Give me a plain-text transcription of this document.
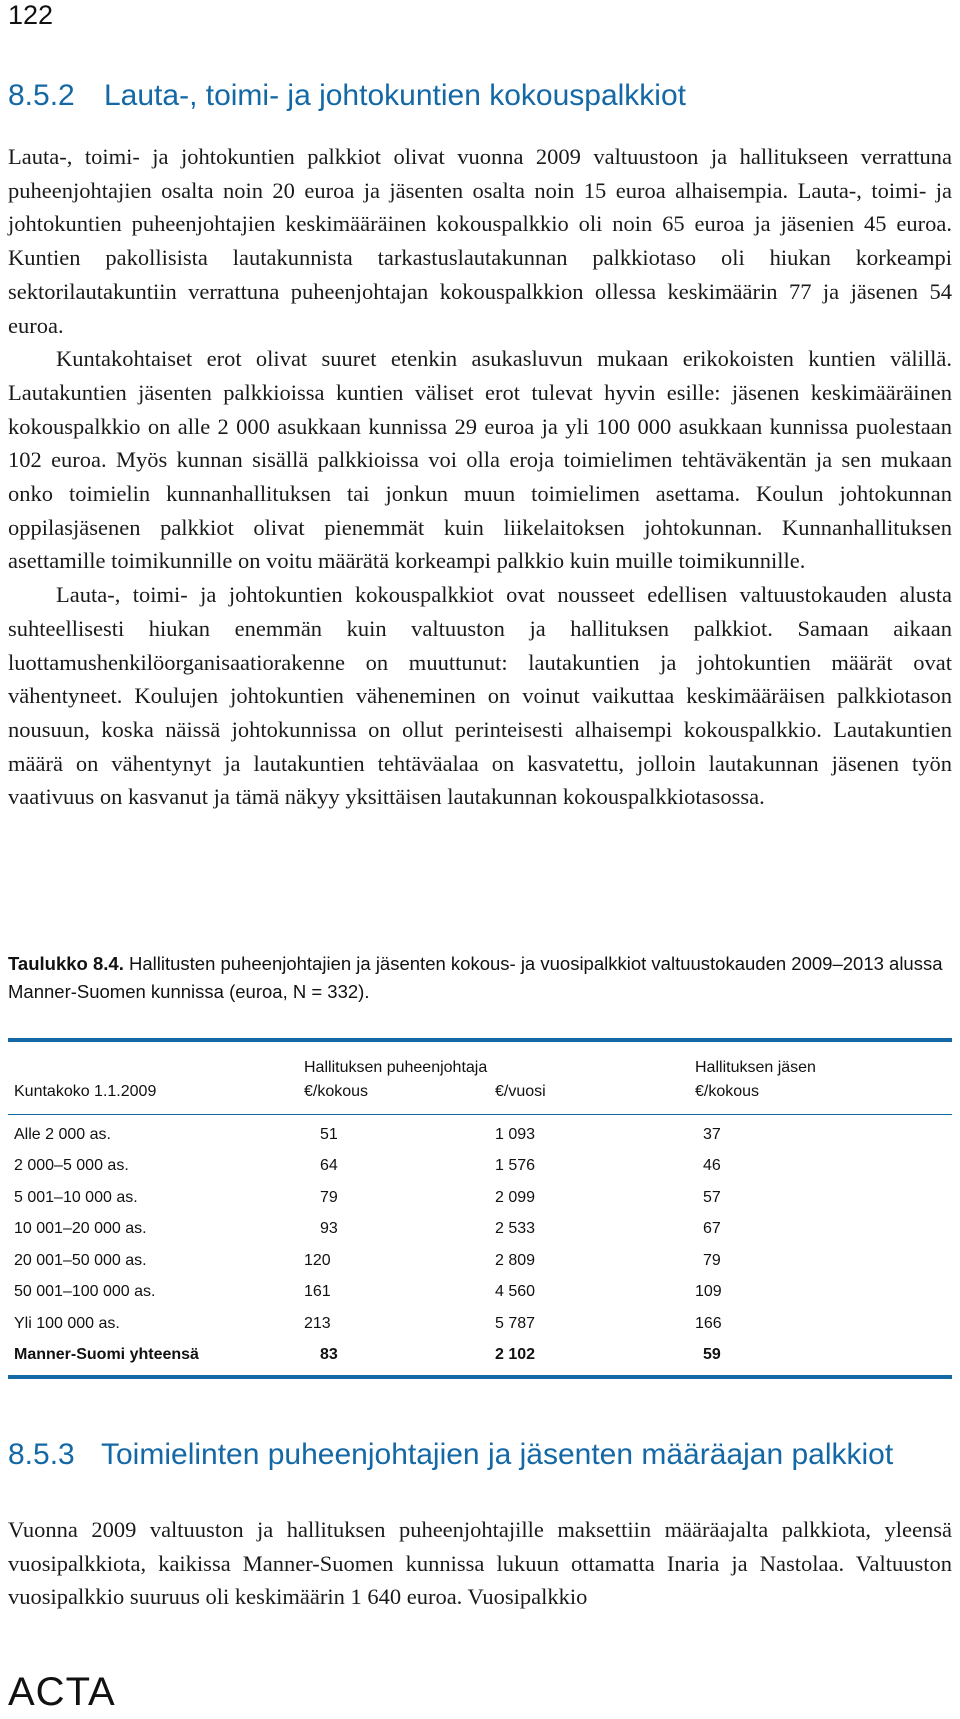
122
8.5.2 Lauta-, toimi- ja johtokuntien kokouspalkkiot

Lauta-, toimi- ja johtokuntien palkkiot olivat vuonna 2009 valtuustoon ja hallitukseen verrattuna puheenjohtajien osalta noin 20 euroa ja jäsenten osalta noin 15 euroa alhaisempia. Lauta-, toimi- ja johtokuntien puheenjohtajien keskimääräinen kokouspalkkio oli noin 65 euroa ja jäsenien 45 euroa. Kuntien pakollisista lautakunnista tarkastuslautakunnan palkkiotaso oli hiukan korkeampi sektorilautakuntiin verrattuna puheenjohtajan kokouspalkkion ollessa keskimäärin 77 ja jäsenen 54 euroa.

Kuntakohtaiset erot olivat suuret etenkin asukasluvun mukaan erikokoisten kuntien välillä. Lautakuntien jäsenten palkkioissa kuntien väliset erot tulevat hyvin esille: jäsenen keskimääräinen kokouspalkkio on alle 2 000 asukkaan kunnissa 29 euroa ja yli 100 000 asukkaan kunnissa puolestaan 102 euroa. Myös kunnan sisällä palkkioissa voi olla eroja toimielimen tehtäväkentän ja sen mukaan onko toimielin kunnanhallituksen tai jonkun muun toimielimen asettama. Koulun johtokunnan oppilasjäsenen palkkiot olivat pienemmät kuin liikelaitoksen johtokunnan. Kunnanhallituksen asettamille toimikunnille on voitu määrätä korkeampi palkkio kuin muille toimikunnille.

Lauta-, toimi- ja johtokuntien kokouspalkkiot ovat nousseet edellisen valtuustokauden alusta suhteellisesti hiukan enemmän kuin valtuuston ja hallituksen palkkiot. Samaan aikaan luottamushenkilöorganisaatiorakenne on muuttunut: lautakuntien ja johtokuntien määrät ovat vähentyneet. Koulujen johtokuntien väheneminen on voinut vaikuttaa keskimääräisen palkkiotason nousuun, koska näissä johtokunnissa on ollut perinteisesti alhaisempi kokouspalkkio. Lautakuntien määrä on vähentynyt ja lautakuntien tehtäväalaa on kasvatettu, jolloin lautakunnan jäsenen työn vaativuus on kasvanut ja tämä näkyy yksittäisen lautakunnan kokouspalkkiotasossa.

Taulukko 8.4. Hallitusten puheenjohtajien ja jäsenten kokous- ja vuosipalkkiot valtuustokauden 2009–2013 alussa Manner-Suomen kunnissa (euroa, N = 332).

	Hallituksen puheenjohtaja		Hallituksen jäsen
Kuntakoko 1.1.2009	€/kokous	€/vuosi	€/kokous
Alle 2 000 as.	51	1 093	37
2 000–5 000 as.	64	1 576	46
5 001–10 000 as.	79	2 099	57
10 001–20 000 as.	93	2 533	67
20 001–50 000 as.	120	2 809	79
50 001–100 000 as.	161	4 560	109
Yli 100 000 as.	213	5 787	166
Manner-Suomi yhteensä	83	2 102	59
8.5.3 Toimielinten puheenjohtajien ja jäsenten määräajan palkkiot

Vuonna 2009 valtuuston ja hallituksen puheenjohtajille maksettiin määräajalta palkkiota, yleensä vuosipalkkiota, kaikissa Manner-Suomen kunnissa lukuun ottamatta Inaria ja Nastolaa. Valtuuston vuosipalkkio suuruus oli keskimäärin 1 640 euroa. Vuosipalkkio

ACTA
